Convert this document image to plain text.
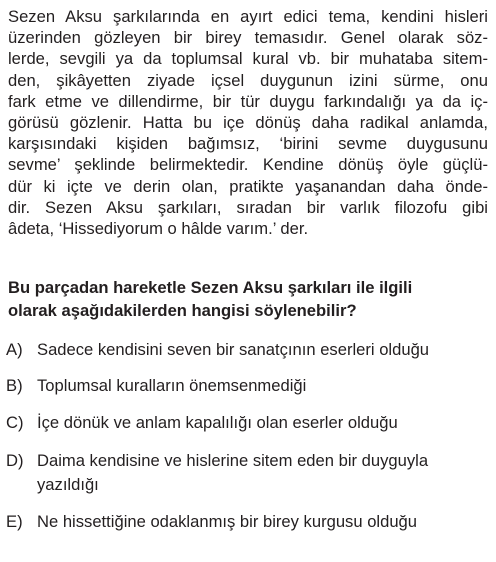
Sezen Aksu şarkılarında en ayırt edici tema, kendini hisleri
üzerinden gözleyen bir birey temasıdır. Genel olarak söz-
lerde, sevgili ya da toplumsal kural vb. bir muhataba sitem-
den, şikâyetten ziyade içsel duygunun izini sürme, onu
fark etme ve dillendirme, bir tür duygu farkındalığı ya da iç-
görüsü gözlenir. Hatta bu içe dönüş daha radikal anlamda,
karşısındaki kişiden bağımsız, ‘birini sevme duygusunu
sevme’ şeklinde belirmektedir. Kendine dönüş öyle güçlü-
dür ki içte ve derin olan, pratikte yaşanandan daha önde-
dir. Sezen Aksu şarkıları, sıradan bir varlık filozofu gibi
âdeta, ‘Hissediyorum o hâlde varım.’ der.
Bu parçadan hareketle Sezen Aksu şarkıları ile ilgili
olarak aşağıdakilerden hangisi söylenebilir?
A) Sadece kendisini seven bir sanatçının eserleri olduğu
B) Toplumsal kuralların önemsenmediği
C) İçe dönük ve anlam kapalılığı olan eserler olduğu
D) Daima kendisine ve hislerine sitem eden bir duyguyla yazıldığı
E) Ne hissettiğine odaklanmış bir birey kurgusu olduğu
